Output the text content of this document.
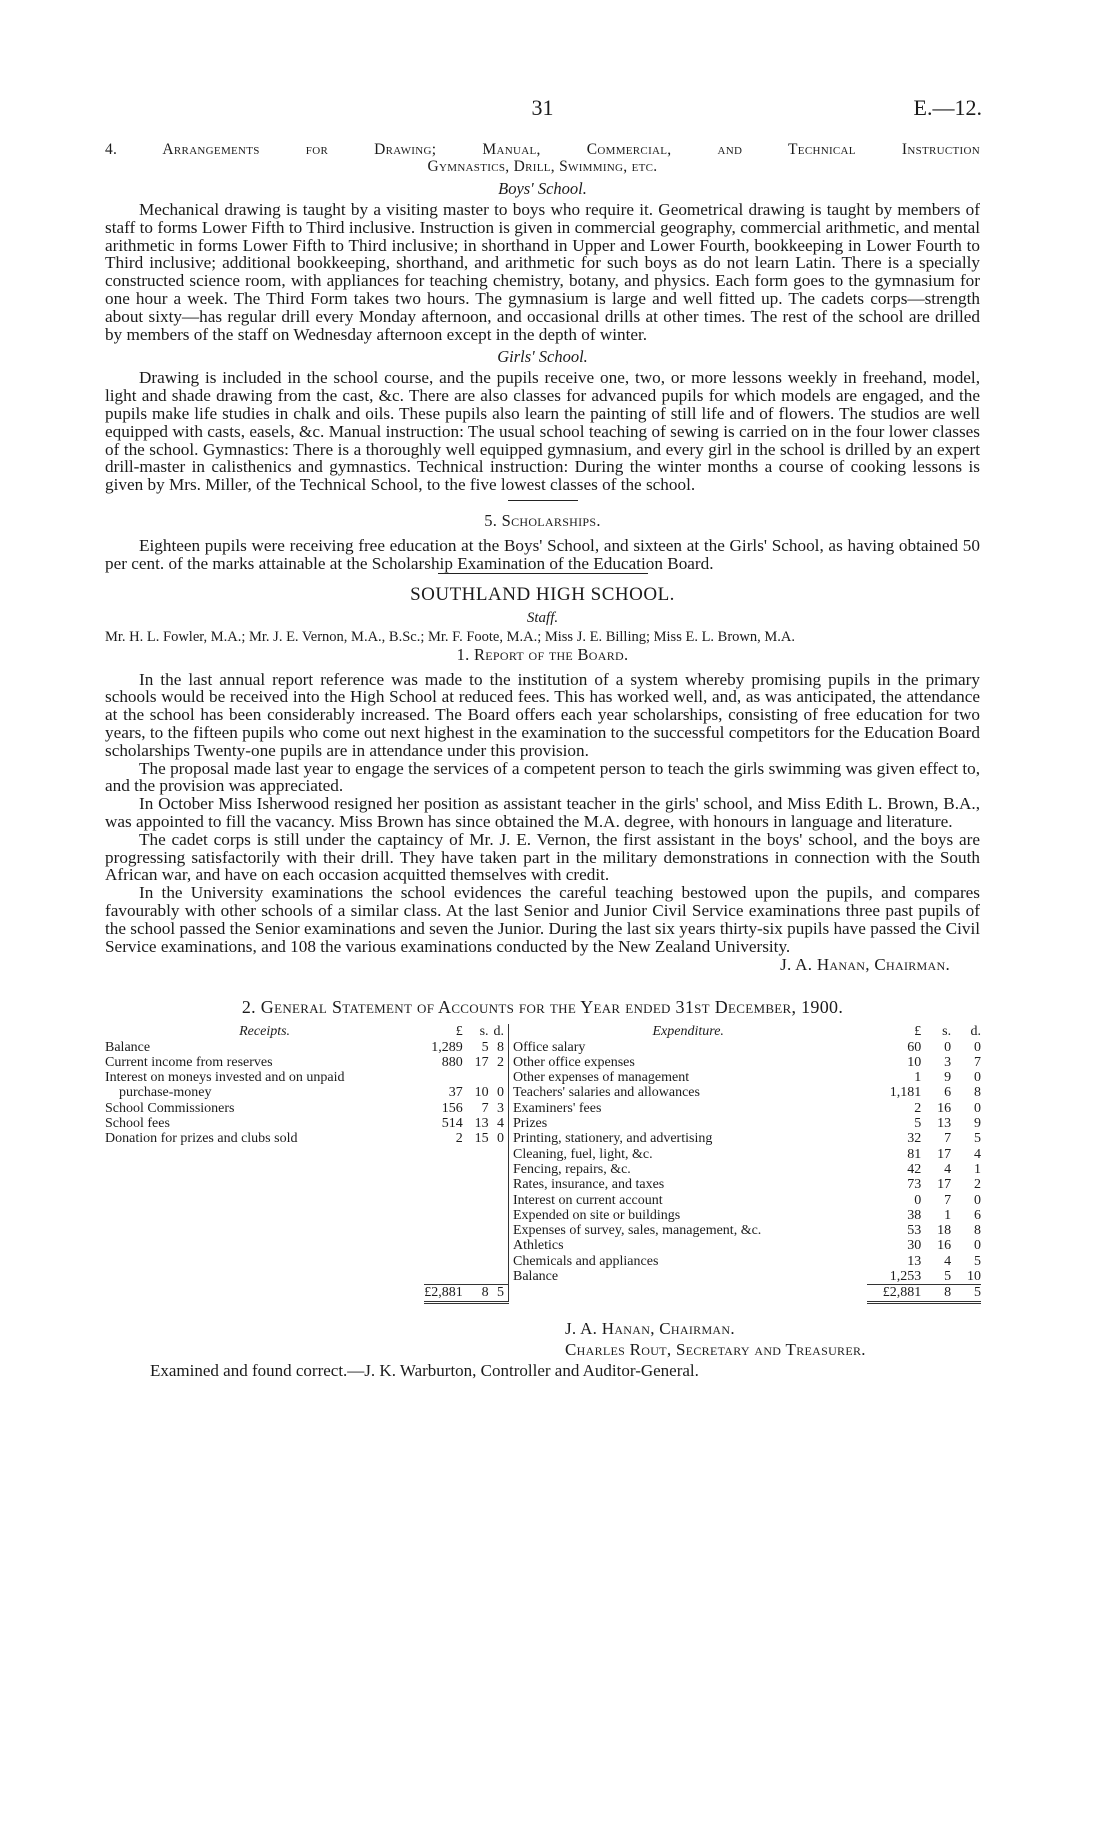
31	E.—12.
4. Arrangements for Drawing; Manual, Commercial, and Technical Instruction
Gymnastics, Drill, Swimming, etc.
Boys' School.

Mechanical drawing is taught by a visiting master to boys who require it. Geometrical drawing is taught by members of staff to forms Lower Fifth to Third inclusive. Instruction is given in commercial geography, commercial arithmetic, and mental arithmetic in forms Lower Fifth to Third inclusive; in shorthand in Upper and Lower Fourth, bookkeeping in Lower Fourth to Third inclusive; additional bookkeeping, shorthand, and arithmetic for such boys as do not learn Latin. There is a specially constructed science room, with appliances for teaching chemistry, botany, and physics. Each form goes to the gymnasium for one hour a week. The Third Form takes two hours. The gymnasium is large and well fitted up. The cadets corps—strength about sixty—has regular drill every Monday afternoon, and occasional drills at other times. The rest of the school are drilled by members of the staff on Wednesday afternoon except in the depth of winter.

Girls' School.

Drawing is included in the school course, and the pupils receive one, two, or more lessons weekly in freehand, model, light and shade drawing from the cast, &c. There are also classes for advanced pupils for which models are engaged, and the pupils make life studies in chalk and oils. These pupils also learn the painting of still life and of flowers. The studios are well equipped with casts, easels, &c. Manual instruction: The usual school teaching of sewing is carried on in the four lower classes of the school. Gymnastics: There is a thoroughly well equipped gymnasium, and every girl in the school is drilled by an expert drill-master in calisthenics and gymnastics. Technical instruction: During the winter months a course of cooking lessons is given by Mrs. Miller, of the Technical School, to the five lowest classes of the school.

5. Scholarships.

Eighteen pupils were receiving free education at the Boys' School, and sixteen at the Girls' School, as having obtained 50 per cent. of the marks attainable at the Scholarship Examination of the Education Board.

SOUTHLAND HIGH SCHOOL.
Staff.

Mr. H. L. Fowler, M.A.; Mr. J. E. Vernon, M.A., B.Sc.; Mr. F. Foote, M.A.; Miss J. E. Billing; Miss E. L. Brown, M.A.

1. Report of the Board.

In the last annual report reference was made to the institution of a system whereby promising pupils in the primary schools would be received into the High School at reduced fees. This has worked well, and, as was anticipated, the attendance at the school has been considerably increased. The Board offers each year scholarships, consisting of free education for two years, to the fifteen pupils who come out next highest in the examination to the successful competitors for the Education Board scholarships Twenty-one pupils are in attendance under this provision.

The proposal made last year to engage the services of a competent person to teach the girls swimming was given effect to, and the provision was appreciated.

In October Miss Isherwood resigned her position as assistant teacher in the girls' school, and Miss Edith L. Brown, B.A., was appointed to fill the vacancy. Miss Brown has since obtained the M.A. degree, with honours in language and literature.

The cadet corps is still under the captaincy of Mr. J. E. Vernon, the first assistant in the boys' school, and the boys are progressing satisfactorily with their drill. They have taken part in the military demonstrations in connection with the South African war, and have on each occasion acquitted themselves with credit.

In the University examinations the school evidences the careful teaching bestowed upon the pupils, and compares favourably with other schools of a similar class. At the last Senior and Junior Civil Service examinations three past pupils of the school passed the Senior examinations and seven the Junior. During the last six years thirty-six pupils have passed the Civil Service examinations, and 108 the various examinations conducted by the New Zealand University.

J. A. Hanan, Chairman.
2. General Statement of Accounts for the Year ended 31st December, 1900.
Receipts.	£	s.	d.	Expenditure.	£	s.	d.
Balance	1,289	5	8	Office salary	60	0	0
Current income from reserves	880	17	2	Other office expenses	10	3	7
Interest on moneys invested and on unpaid				Other expenses of management	1	9	0
purchase-money	37	10	0	Teachers' salaries and allowances	1,181	6	8
School Commissioners	156	7	3	Examiners' fees	2	16	0
School fees	514	13	4	Prizes	5	13	9
Donation for prizes and clubs sold	2	15	0	Printing, stationery, and advertising	32	7	5
				Cleaning, fuel, light, &c.	81	17	4
				Fencing, repairs, &c.	42	4	1
				Rates, insurance, and taxes	73	17	2
				Interest on current account	0	7	0
				Expended on site or buildings	38	1	6
				Expenses of survey, sales, management, &c.	53	18	8
				Athletics	30	16	0
				Chemicals and appliances	13	4	5
				Balance	1,253	5	10
	£2,881	8	5		£2,881	8	5
J. A. Hanan, Chairman.
Charles Rout, Secretary and Treasurer.
Examined and found correct.—J. K. Warburton, Controller and Auditor-General.
